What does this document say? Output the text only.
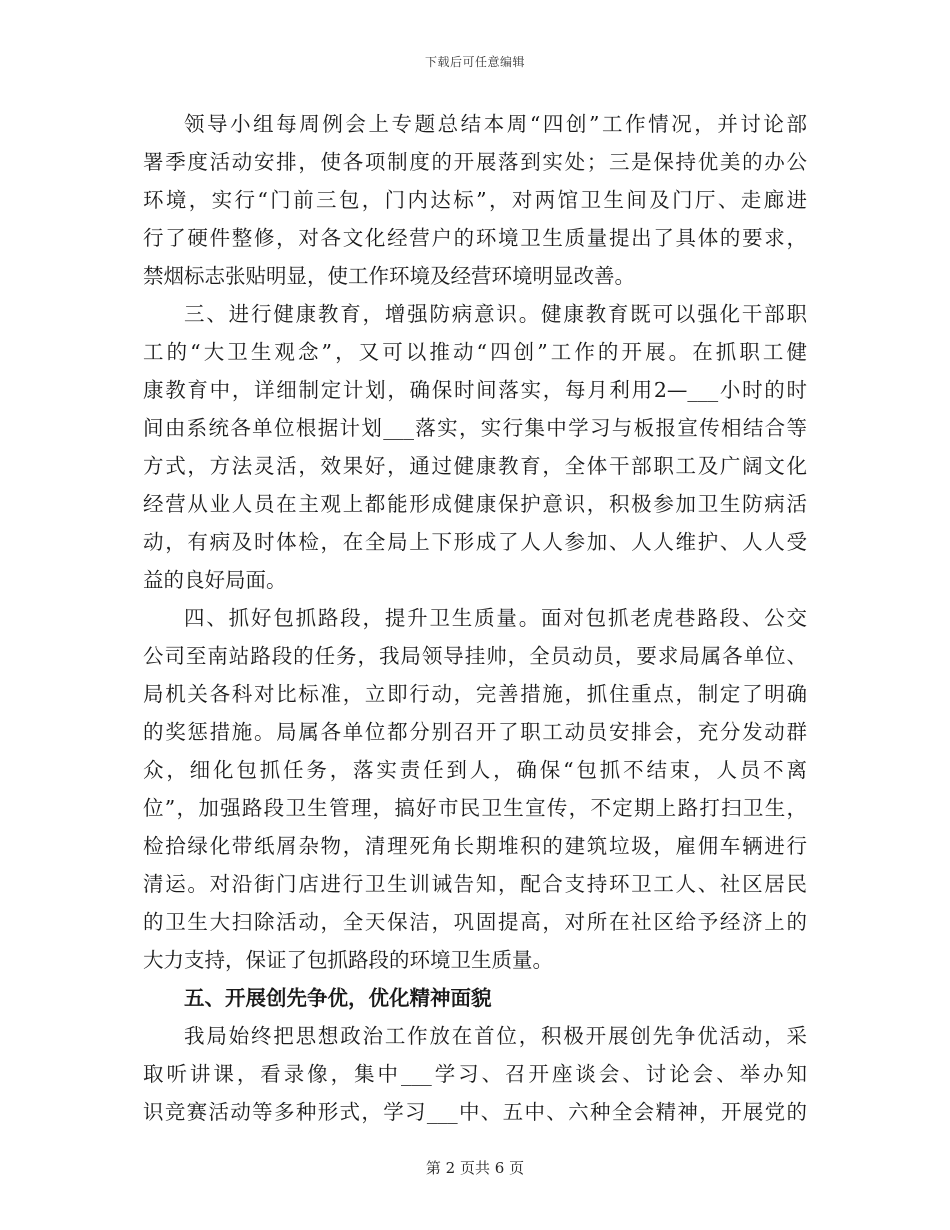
下载后可任意编辑
领导小组每周例会上专题总结本周“四创”工作情况，并讨论部
署季度活动安排，使各项制度的开展落到实处；三是保持优美的办公
环境，实行“门前三包，门内达标”，对两馆卫生间及门厅、走廊进
行了硬件整修，对各文化经营户的环境卫生质量提出了具体的要求，
禁烟标志张贴明显，使工作环境及经营环境明显改善。
三、进行健康教育，增强防病意识。健康教育既可以强化干部职
工的“大卫生观念”，又可以推动“四创”工作的开展。在抓职工健
康教育中，详细制定计划，确保时间落实，每月利用2—___小时的时
间由系统各单位根据计划___落实，实行集中学习与板报宣传相结合等
方式，方法灵活，效果好，通过健康教育，全体干部职工及广阔文化
经营从业人员在主观上都能形成健康保护意识，积极参加卫生防病活
动，有病及时体检，在全局上下形成了人人参加、人人维护、人人受
益的良好局面。
四、抓好包抓路段，提升卫生质量。面对包抓老虎巷路段、公交
公司至南站路段的任务，我局领导挂帅，全员动员，要求局属各单位、
局机关各科对比标准，立即行动，完善措施，抓住重点，制定了明确
的奖惩措施。局属各单位都分别召开了职工动员安排会，充分发动群
众，细化包抓任务，落实责任到人，确保“包抓不结束，人员不离
位”，加强路段卫生管理，搞好市民卫生宣传，不定期上路打扫卫生，
检拾绿化带纸屑杂物，清理死角长期堆积的建筑垃圾，雇佣车辆进行
清运。对沿街门店进行卫生训诫告知，配合支持环卫工人、社区居民
的卫生大扫除活动，全天保洁，巩固提高，对所在社区给予经济上的
大力支持，保证了包抓路段的环境卫生质量。
五、开展创先争优，优化精神面貌
我局始终把思想政治工作放在首位，积极开展创先争优活动，采
取听讲课，看录像，集中___学习、召开座谈会、讨论会、举办知
识竞赛活动等多种形式，学习___中、五中、六种全会精神，开展党的
第 2 页共 6 页
